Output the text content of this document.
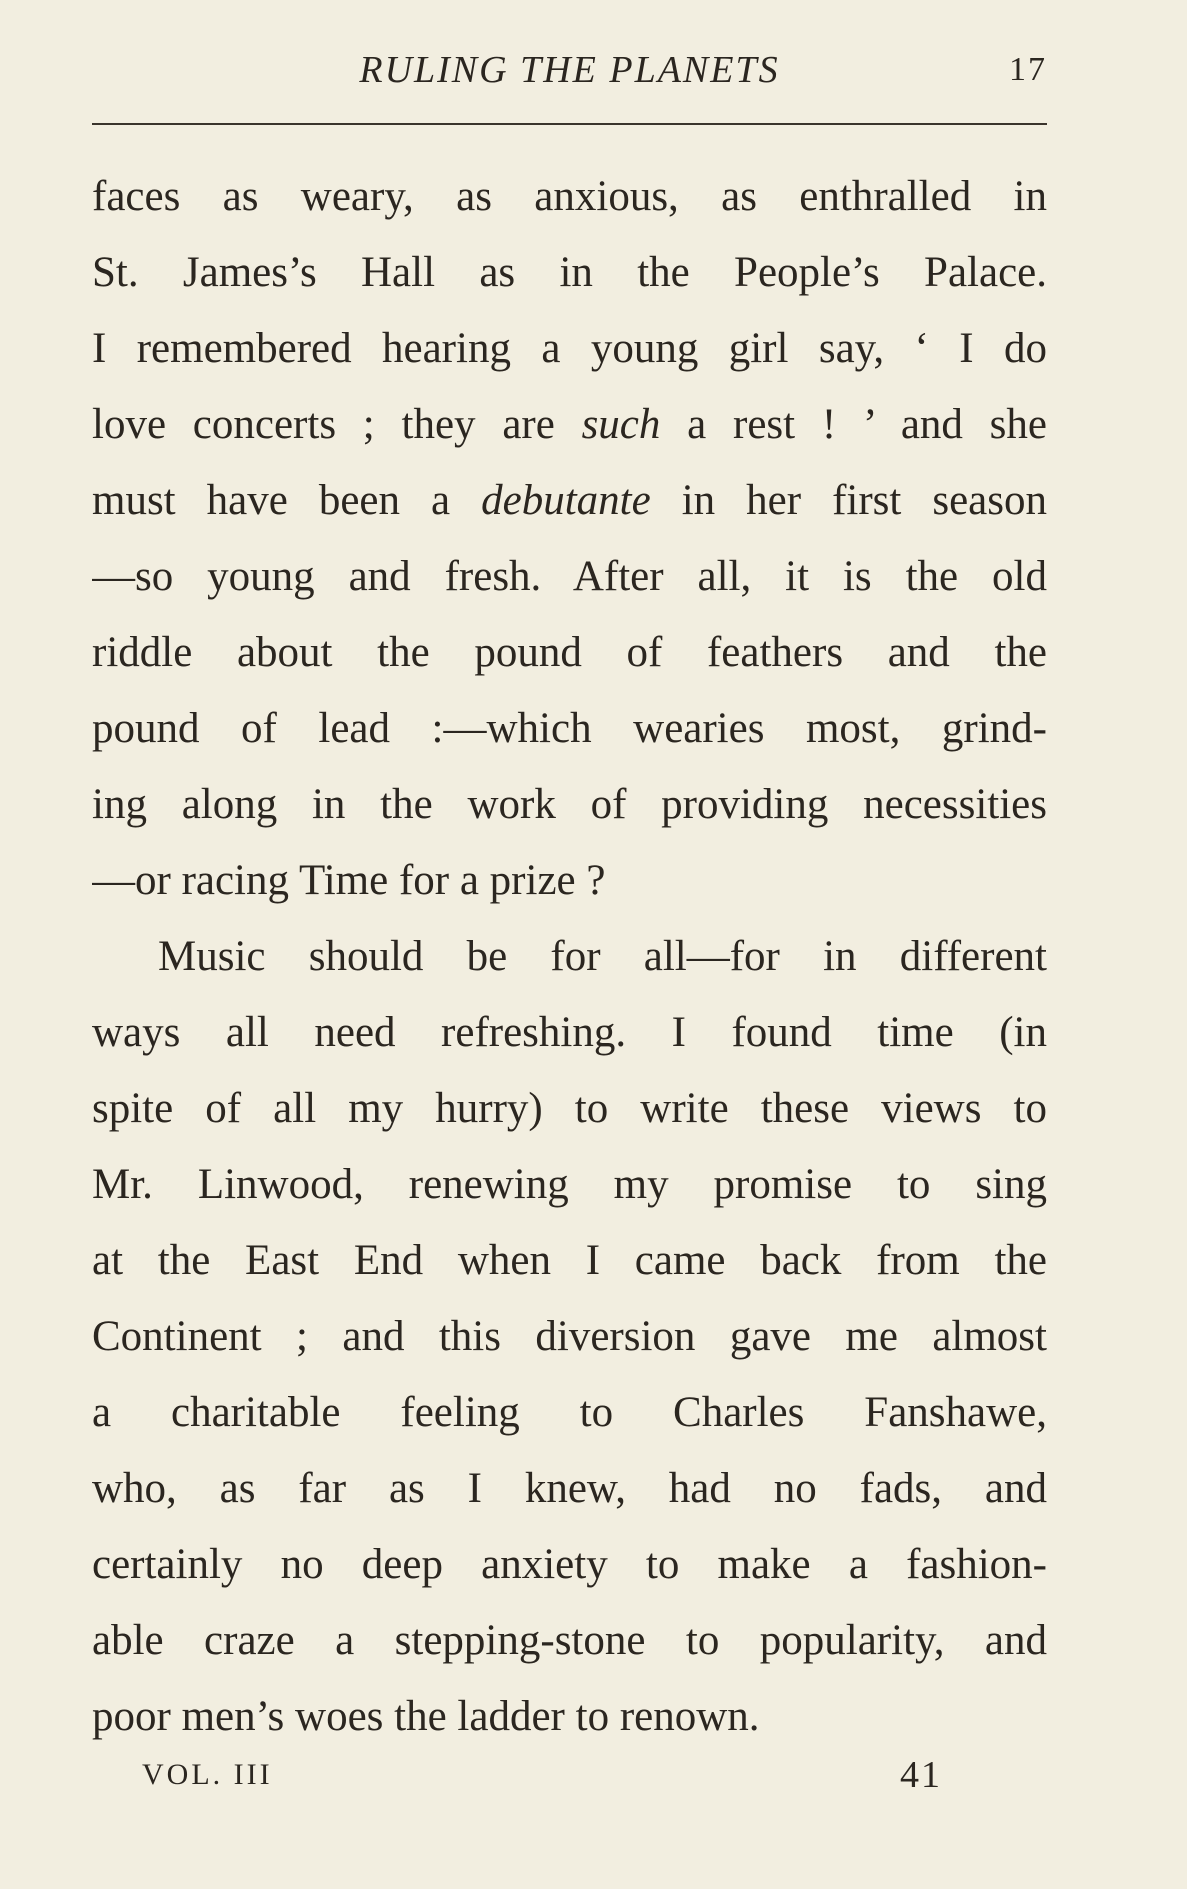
RULING THE PLANETS	17
faces as weary, as anxious, as enthralled in
St. James’s Hall as in the People’s Palace.
I remembered hearing a young girl say, ‘ I do
love concerts ; they are such a rest ! ’ and she
must have been a debutante in her first season
—so young and fresh. After all, it is the old
riddle about the pound of feathers and the
pound of lead :—which wearies most, grind-
ing along in the work of providing necessities
—or racing Time for a prize ?
Music should be for all—for in different
ways all need refreshing. I found time (in
spite of all my hurry) to write these views to
Mr. Linwood, renewing my promise to sing
at the East End when I came back from the
Continent ; and this diversion gave me almost
a charitable feeling to Charles Fanshawe,
who, as far as I knew, had no fads, and
certainly no deep anxiety to make a fashion-
able craze a stepping-stone to popularity, and
poor men’s woes the ladder to renown.
VOL. III	41
